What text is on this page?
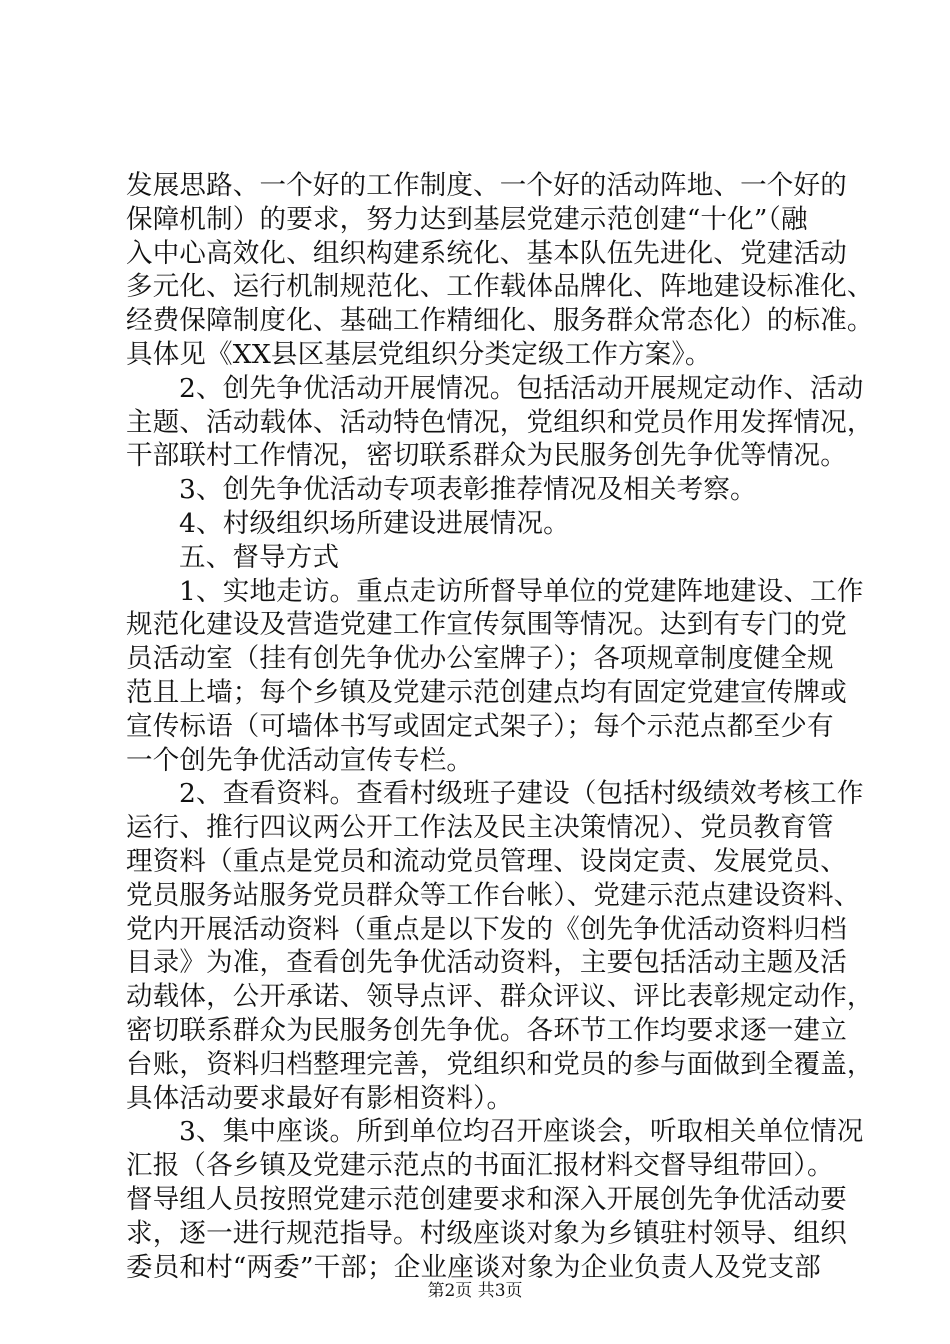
发展思路、一个好的工作制度、一个好的活动阵地、一个好的
保障机制）的要求，努力达到基层党建示范创建“十化”（融
入中心高效化、组织构建系统化、基本队伍先进化、党建活动
多元化、运行机制规范化、工作载体品牌化、阵地建设标准化、
经费保障制度化、基础工作精细化、服务群众常态化）的标准。
具体见《XX县区基层党组织分类定级工作方案》。
2、创先争优活动开展情况。包括活动开展规定动作、活动
主题、活动载体、活动特色情况，党组织和党员作用发挥情况，
干部联村工作情况，密切联系群众为民服务创先争优等情况。
3、创先争优活动专项表彰推荐情况及相关考察。
4、村级组织场所建设进展情况。
五、督导方式
1、实地走访。重点走访所督导单位的党建阵地建设、工作
规范化建设及营造党建工作宣传氛围等情况。达到有专门的党
员活动室（挂有创先争优办公室牌子）；各项规章制度健全规
范且上墙；每个乡镇及党建示范创建点均有固定党建宣传牌或
宣传标语（可墙体书写或固定式架子）；每个示范点都至少有
一个创先争优活动宣传专栏。
2、查看资料。查看村级班子建设（包括村级绩效考核工作
运行、推行四议两公开工作法及民主决策情况）、党员教育管
理资料（重点是党员和流动党员管理、设岗定责、发展党员、
党员服务站服务党员群众等工作台帐）、党建示范点建设资料、
党内开展活动资料（重点是以下发的《创先争优活动资料归档
目录》为准，查看创先争优活动资料，主要包括活动主题及活
动载体，公开承诺、领导点评、群众评议、评比表彰规定动作，
密切联系群众为民服务创先争优。各环节工作均要求逐一建立
台账，资料归档整理完善，党组织和党员的参与面做到全覆盖，
具体活动要求最好有影相资料）。
3、集中座谈。所到单位均召开座谈会，听取相关单位情况
汇报（各乡镇及党建示范点的书面汇报材料交督导组带回）。
督导组人员按照党建示范创建要求和深入开展创先争优活动要
求，逐一进行规范指导。村级座谈对象为乡镇驻村领导、组织
委员和村“两委”干部；企业座谈对象为企业负责人及党支部
第2页 共3页
